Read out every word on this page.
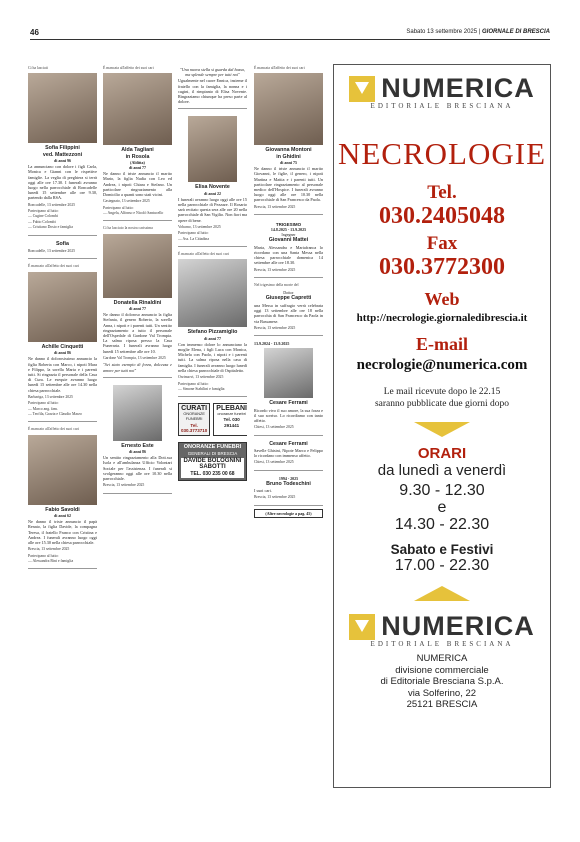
46	Sabato 13 settembre 2025 | GIORNALE DI BRESCIA
Ci ha lasciati
Sofia Filippini
ved. Mattezzoni
di anni 96
La annunciano con dolore i figli Carla, Monica e Gianni con le rispettive famiglie. La veglia di preghiera si terrà oggi alle ore 17.30. I funerali avranno luogo nella parrocchiale di Roncadelle lunedì 15 settembre alle ore 9.30, partendo dalla RSA.
Roncadelle, 13 settembre 2025
Partecipano al lutto:
— Cugine Colombi
— Fabio Colombi
— Cristiano Dosio e famiglia
Sofia
Roncadelle, 13 settembre 2025
È mancato all'affetto dei suoi cari
Achille Cinquetti
di anni 86
Ne danno il dolorosissimo annuncio la figlia Roberta con Marco, i nipoti Mara e Filippo, la sorella Maria e i parenti tutti. Si ringrazia il personale della Casa di Cura. Le esequie avranno luogo lunedì 15 settembre alle ore 14.30 nella chiesa parrocchiale.
Barbariga, 13 settembre 2025
Partecipano al lutto:
— Marco ang. fam.
— Teofila, Grazia e Claudio Marzo
È mancato all'affetto dei suoi cari
Fabio Savoldi
di anni 62
Ne danno il triste annuncio il papà Renato, la figlia Davide, la compagna Teresa, il fratello Franco con Cristina e Andrea. I funerali avranno luogo oggi alle ore 15.30 nella chiesa parrocchiale.
Brescia, 13 settembre 2025
Partecipano al lutto:
— Alessandra Bini e famiglia
È mancata all'affetto dei suoi cari
Alda Tagliani
in Rosola
(Alditta)
di anni 77
Ne danno il triste annuncio il marito Mario, la figlia Nadia con Leo ed Andrea, i nipoti Chiara e Stefano. Un particolare ringraziamento alla Domicilio a quanti sono stati vicini.
Castegnato, 13 settembre 2025
Partecipano al lutto:
— Angela, Alfonso e Nicolò Santucello
Ci ha lasciato la nostra carissima
Donatella Rinaldini
di anni 77
Ne danno il doloroso annuncio la figlia Stefania, il genero Roberto, la sorella Anna, i nipoti e i parenti tutti. Un sentito ringraziamento a tutto il personale dell'Ospedale di Gardone Val Trompia. La salma riposa presso la Casa Funeraria. I funerali avranno luogo lunedì 15 settembre alle ore 10.
Gardone Val Trompia, 13 settembre 2025
"Sei stato esempio di forza, dolcezza e amore per tutti noi"
Ernesto Este
di anni 86
Un sentito ringraziamento alla Dott.ssa Isola e all'ambulanza Ufficio Volontari Sociale per l'assistenza. I funerali si svolgeranno oggi alle ore 10.30 nella parrocchiale.
Brescia, 13 settembre 2025
"Una nuova stella si guarda dal basso, ma splende sempre per tutti noi"
Ugualmente nel cuore Ennica, insieme il fratello con la famiglia, la nonna e i cugini, il rimpianto di Elisa Novente. Ringraziamo chiunque ha preso parte al dolore.
Elisa Novente
di anni 22
I funerali avranno luogo oggi alle ore 15 nella parrocchiale di Pezzaze. Il Rosario sarà recitato questa sera alle ore 20 nella parrocchiale di San Vigilio. Non fiori ma opere di bene.
Vobarno, 13 settembre 2025
Partecipano al lutto:
— Ass. La Cittadina
È mancato all'affetto dei suoi cari
Stefano Pizzamiglio
di anni 77
Con immenso dolore lo annunciano la moglie Elena, i figli Luca con Monica, Michela con Paolo, i nipoti e i parenti tutti. La salma riposa nella casa di famiglia. I funerali avranno luogo lunedì nella chiesa parrocchiale di Ospitaletto.
Orzinuovi, 13 settembre 2025
Partecipano al lutto:
— Simone Stabilini e famiglia
CURATI
ONORANZE FUNEBRI
Tel. 030.3773710
PLEBANI
onoranze funebri
Tel. 030 291441
ONORANZE FUNEBRI
GENERALI DI BRESCIA
DAVIDE BOLOGNINI SABOTTI
TEL. 030 235 00 68
È mancata all'affetto dei suoi cari
Giovanna Montoni
in Ghidini
di anni 75
Ne danno il triste annuncio il marito Giovanni, le figlie, il genero, i nipoti Martina e Mattia e i parenti tutti. Un particolare ringraziamento al personale medico dell'Hospice. I funerali avranno luogo oggi alle ore 10.30 nella parrocchiale di San Francesco da Paola.
Brescia, 13 settembre 2025
TRIGESIMO
14.8.2025 - 13.9.2025
Ingegner
Giovanni Mattei
Maria, Alessandra e Mariafranca lo ricordano con una Santa Messa nella chiesa parrocchiale domenica 14 settembre alle ore 18.30.
Brescia, 13 settembre 2025
Nel trigesimo della morte del
Dottor
Giuseppe Capretti
una Messa in suffragio verrà celebrata oggi 13 settembre alle ore 18 nella parrocchia di San Francesco da Paola in via Bassanese.
Brescia, 13 settembre 2025
13.9.2024 - 13.9.2025
Cesare Ferrami
Ricordo vivo il suo amore, la sua forza e il suo sorriso. Lo ricordiamo con tanto affetto.
Chiesi, 13 settembre 2025
Cesare Ferrami
Savelle Ghisini, Nipote Marco e Felippo lo ricordano con immenso affetto.
Chiesi, 13 settembre 2025
1994 - 2025
Bruno Todeschini
I suoi cari.
Brescia, 13 settembre 2025
(Altre necrologie a pag. 45)
NUMERICA
EDITORIALE BRESCIANA
NECROLOGIE
Tel.
030.2405048
Fax
030.3772300
Web
http://necrologie.giornaledibrescia.it
E-mail
necrologie@numerica.com
Le mail ricevute dopo le 22.15
saranno pubblicate due giorni dopo
ORARI
da lunedì a venerdì
9.30 - 12.30
e
14.30 - 22.30
Sabato e Festivi
17.00 - 22.30
NUMERICA
EDITORIALE BRESCIANA
NUMERICA
divisione commerciale
di Editoriale Bresciana S.p.A.
via Solferino, 22
25121 BRESCIA
